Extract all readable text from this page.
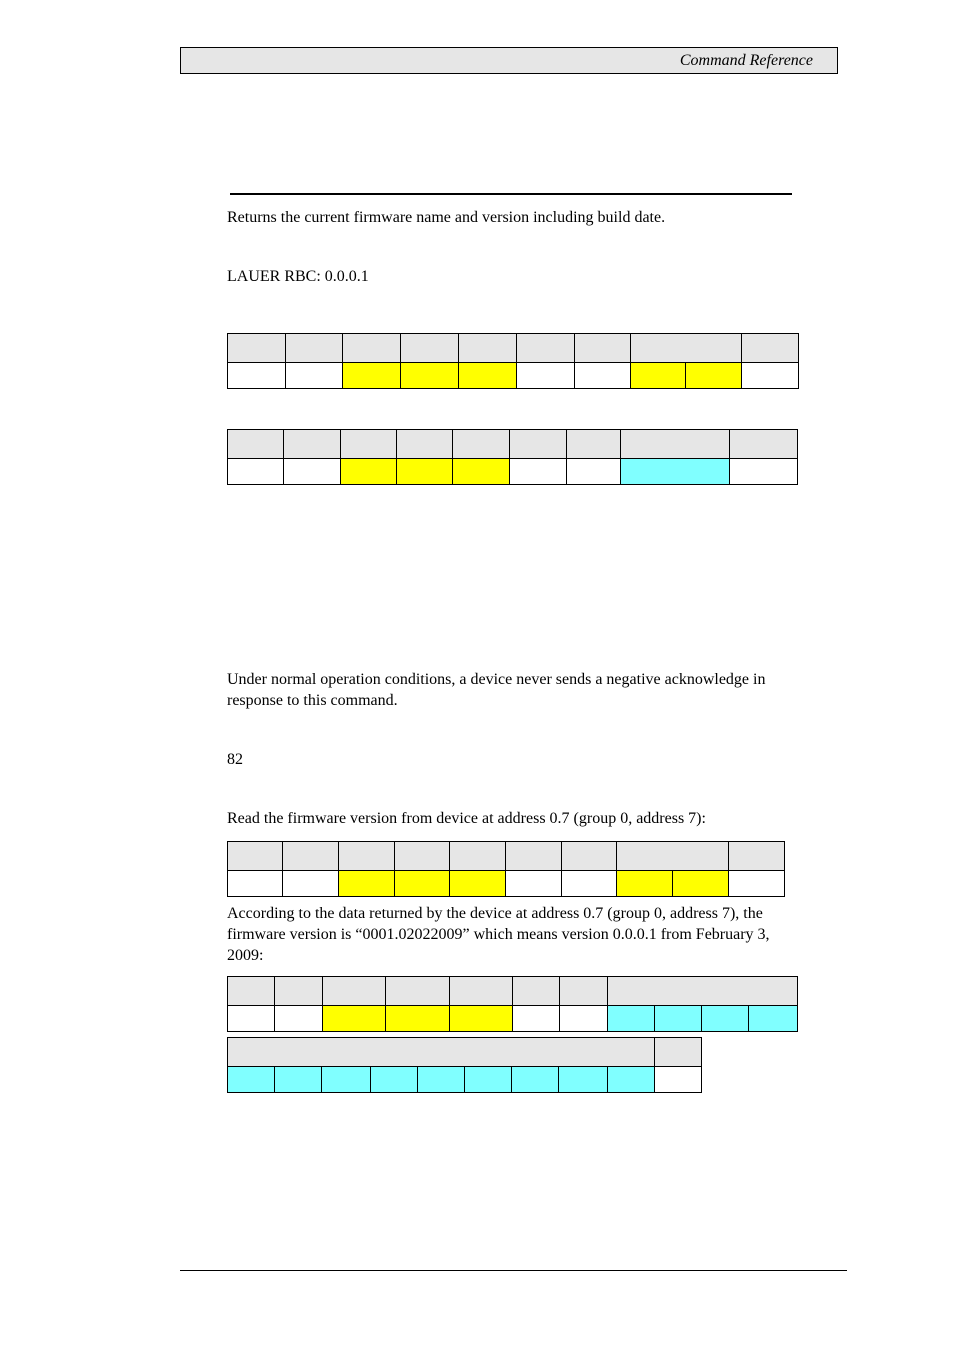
Command Reference
Returns the current firmware name and version including build date.
LAUER RBC: 0.0.0.1

Under normal operation conditions, a device never sends a negative acknowledge in response to this command.
82
Read the firmware version from device at address 0.7 (group 0, address 7):

According to the data returned by the device at address 0.7 (group 0, address 7), the firmware version is “0001.02022009” which means version 0.0.0.1 from February 3, 2009:
